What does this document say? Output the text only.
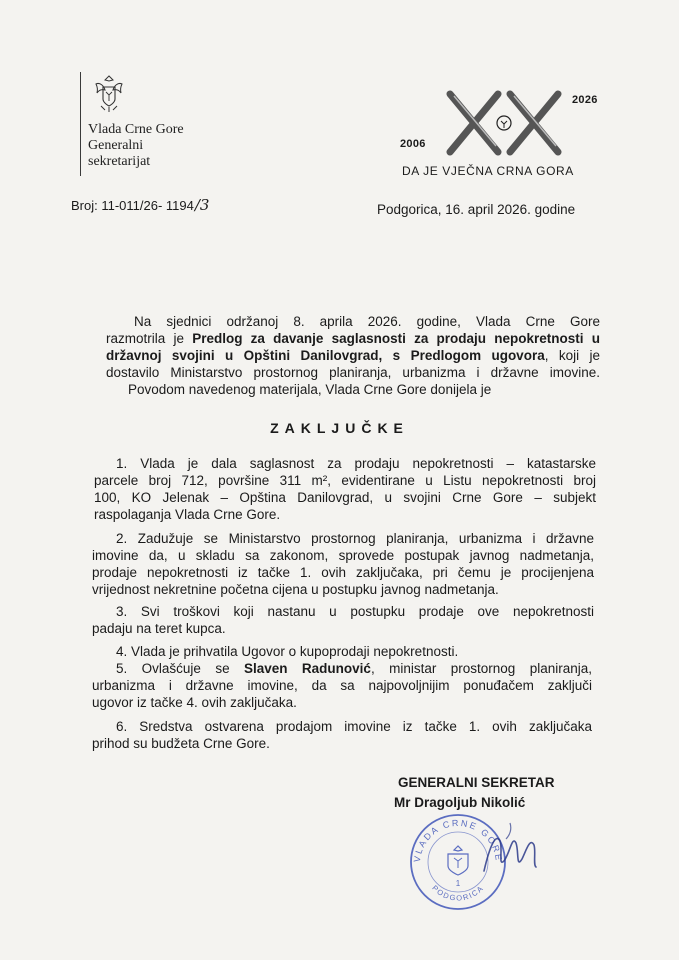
Vlada Crne Gore
Generalni
sekretarijat
2006
2026
DA JE VJEČNA CRNA GORA
Broj: 11-011/26- 1194/3	Podgorica, 16. april 2026. godine
Na sjednici održanoj 8. aprila 2026. godine, Vlada Crne Gore
razmotrila je Predlog za davanje saglasnosti za prodaju nepokretnosti u
državnoj svojini u Opštini Danilovgrad, s Predlogom ugovora, koji je
dostavilo Ministarstvo prostornog planiranja, urbanizma i državne imovine.
Povodom navedenog materijala, Vlada Crne Gore donijela je
ZAKLJUČKE
1. Vlada je dala saglasnost za prodaju nepokretnosti – katastarske
parcele broj 712, površine 311 m², evidentirane u Listu nepokretnosti broj
100, KO Jelenak – Opština Danilovgrad, u svojini Crne Gore – subjekt
raspolaganja Vlada Crne Gore.
2. Zadužuje se Ministarstvo prostornog planiranja, urbanizma i državne
imovine da, u skladu sa zakonom, sprovede postupak javnog nadmetanja,
prodaje nepokretnosti iz tačke 1. ovih zaključaka, pri čemu je procijenjena
vrijednost nekretnine početna cijena u postupku javnog nadmetanja.
3. Svi troškovi koji nastanu u postupku prodaje ove nepokretnosti
padaju na teret kupca.
4. Vlada je prihvatila Ugovor o kupoprodaji nepokretnosti.
5. Ovlašćuje se Slaven Radunović, ministar prostornog planiranja,
urbanizma i državne imovine, da sa najpovoljnijim ponuđačem zaključi
ugovor iz tačke 4. ovih zaključaka.
6. Sredstva ostvarena prodajom imovine iz tačke 1. ovih zaključaka
prihod su budžeta Crne Gore.
GENERALNI SEKRETAR
Mr Dragoljub Nikolić
VLADA CRNE GORE
1
PODGORICA
